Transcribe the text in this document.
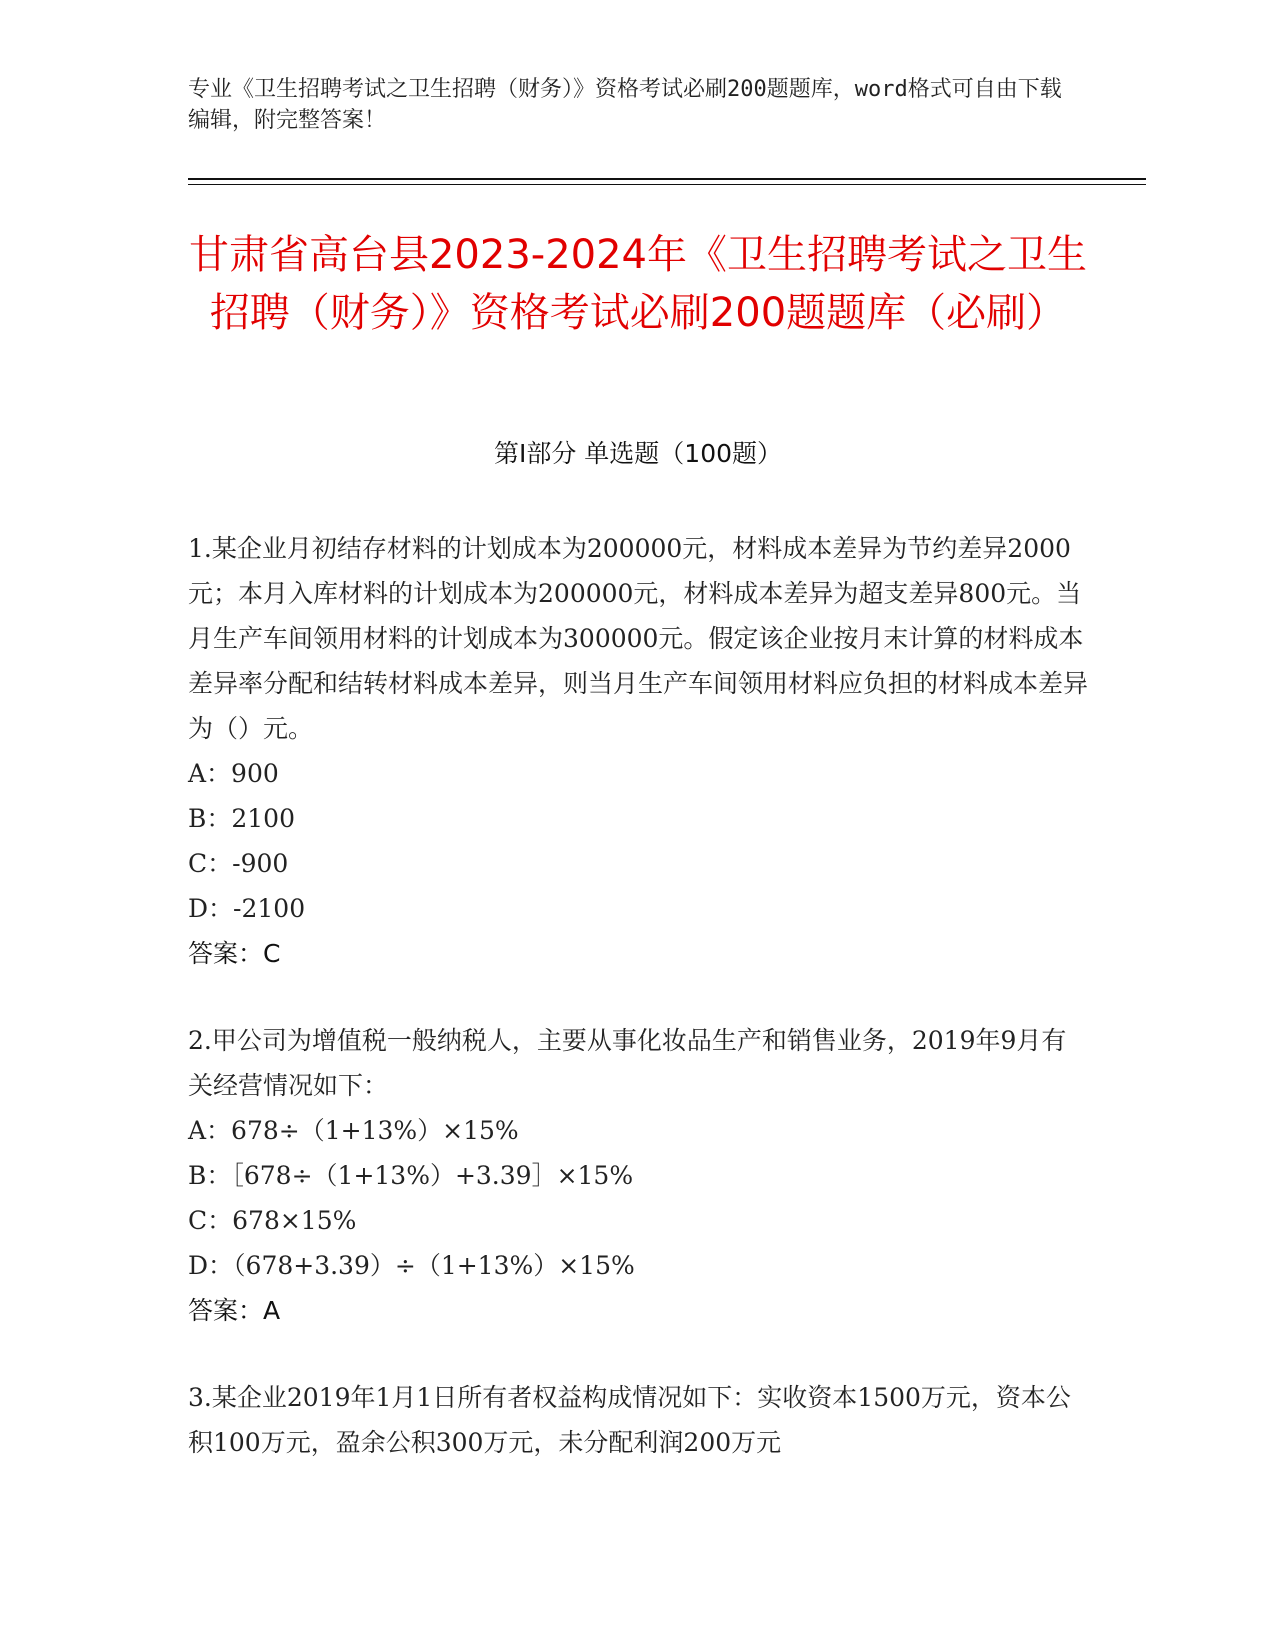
专业《卫生招聘考试之卫生招聘（财务）》资格考试必刷200题题库，word格式可自由下载编辑，附完整答案！
甘肃省高台县2023-2024年《卫生招聘考试之卫生招聘（财务）》资格考试必刷200题题库（必刷）
第Ⅰ部分 单选题（100题）

1.某企业月初结存材料的计划成本为200000元，材料成本差异为节约差异2000元；本月入库材料的计划成本为200000元，材料成本差异为超支差异800元。当月生产车间领用材料的计划成本为300000元。假定该企业按月末计算的材料成本差异率分配和结转材料成本差异，则当月生产车间领用材料应负担的材料成本差异为（）元。

A：900

B：2100

C：-900

D：-2100

答案：C

2.甲公司为增值税一般纳税人，主要从事化妆品生产和销售业务，2019年9月有关经营情况如下：

A：678÷（1+13%）×15%

B：［678÷（1+13%）+3.39］×15%

C：678×15%

D：（678+3.39）÷（1+13%）×15%

答案：A

3.某企业2019年1月1日所有者权益构成情况如下：实收资本1500万元，资本公积100万元，盈余公积300万元，未分配利润200万元
